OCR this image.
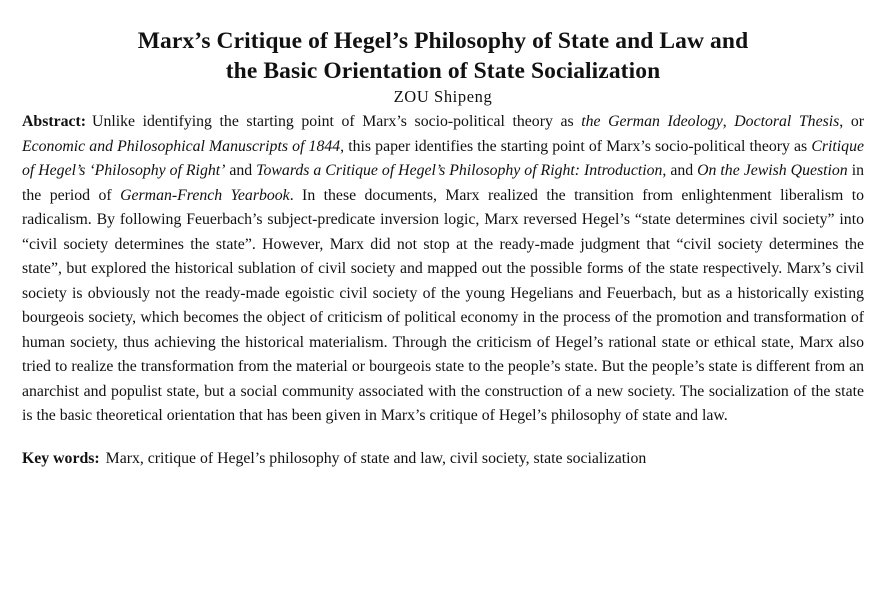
Marx’s Critique of Hegel’s Philosophy of State and Law and
the Basic Orientation of State Socialization

ZOU Shipeng

Abstract: Unlike identifying the starting point of Marx’s socio-political theory as the German Ideology, Doctoral Thesis, or Economic and Philosophical Manuscripts of 1844, this paper identifies the starting point of Marx’s socio-political theory as Critique of Hegel’s ‘Philosophy of Right’ and Towards a Critique of Hegel’s Philosophy of Right: Introduction, and On the Jewish Question in the period of German-French Yearbook. In these documents, Marx realized the transition from enlightenment liberalism to radicalism. By following Feuerbach’s subject-predicate inversion logic, Marx reversed Hegel’s “state determines civil society” into “civil society determines the state”. However, Marx did not stop at the ready-made judgment that “civil society determines the state”, but explored the historical sublation of civil society and mapped out the possible forms of the state respectively. Marx’s civil society is obviously not the ready-made egoistic civil society of the young Hegelians and Feuerbach, but as a historically existing bourgeois society, which becomes the object of criticism of political economy in the process of the promotion and transformation of human society, thus achieving the historical materialism. Through the criticism of Hegel’s rational state or ethical state, Marx also tried to realize the transformation from the material or bourgeois state to the people’s state. But the people’s state is different from an anarchist and populist state, but a social community associated with the construction of a new society. The socialization of the state is the basic theoretical orientation that has been given in Marx’s critique of Hegel’s philosophy of state and law.

Key words: Marx, critique of Hegel’s philosophy of state and law, civil society, state socialization
